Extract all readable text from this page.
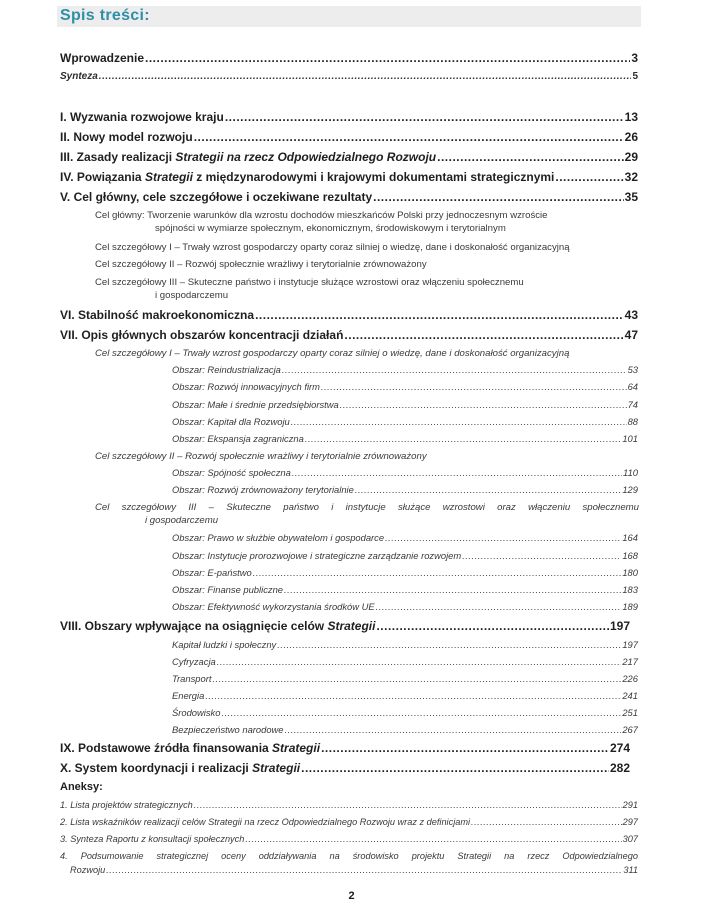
Spis treści:
Wprowadzenie .....	3
Synteza .....	5
I. Wyzwania rozwojowe kraju .....	13
II. Nowy model rozwoju .....	26
III. Zasady realizacji Strategii na rzecz Odpowiedzialnego Rozwoju .....	29
IV. Powiązania Strategii z międzynarodowymi i krajowymi dokumentami strategicznymi .....	32
V. Cel główny, cele szczegółowe i oczekiwane rezultaty .....	35
Cel główny: Tworzenie warunków dla wzrostu dochodów mieszkańców Polski przy jednoczesnym wzroście
spójności w wymiarze społecznym, ekonomicznym, środowiskowym i terytorialnym
Cel szczegółowy I – Trwały wzrost gospodarczy oparty coraz silniej o wiedzę, dane i doskonałość organizacyjną
Cel szczegółowy II – Rozwój społecznie wrażliwy i terytorialnie zrównoważony
Cel szczegółowy III – Skuteczne państwo i instytucje służące wzrostowi oraz włączeniu społecznemu
i gospodarczemu
VI. Stabilność makroekonomiczna .....	43
VII. Opis głównych obszarów koncentracji działań .....	47
Cel szczegółowy I – Trwały wzrost gospodarczy oparty coraz silniej o wiedzę, dane i doskonałość organizacyjną
Obszar: Reindustrializacja .....	53
Obszar: Rozwój innowacyjnych firm .....	64
Obszar: Małe i średnie przedsiębiorstwa .....	74
Obszar: Kapitał dla Rozwoju .....	88
Obszar: Ekspansja zagraniczna .....	101
Cel szczegółowy II – Rozwój społecznie wrażliwy i terytorialnie zrównoważony
Obszar: Spójność społeczna .....	110
Obszar: Rozwój zrównoważony terytorialnie .....	129
Cel szczegółowy III – Skuteczne państwo i instytucje służące wzrostowi oraz włączeniu społecznemu
i gospodarczemu
Obszar: Prawo w służbie obywatelom i gospodarce .....	164
Obszar: Instytucje prorozwojowe i strategiczne zarządzanie rozwojem .....	168
Obszar: E-państwo .....	180
Obszar: Finanse publiczne .....	183
Obszar: Efektywność wykorzystania środków UE .....	189
VIII. Obszary wpływające na osiągnięcie celów Strategii .....	197
Kapitał ludzki i społeczny .....	197
Cyfryzacja .....	217
Transport .....	226
Energia .....	241
Środowisko .....	251
Bezpieczeństwo narodowe .....	267
IX. Podstawowe źródła finansowania Strategii .....	274
X. System koordynacji i realizacji Strategii .....	282
Aneksy:
1. Lista projektów strategicznych .....	291
2. Lista wskaźników realizacji celów Strategii na rzecz Odpowiedzialnego Rozwoju wraz z definicjami .....	297
3. Synteza Raportu z konsultacji społecznych .....	307
4. Podsumowanie strategicznej oceny oddziaływania na środowisko projektu Strategii na rzecz Odpowiedzialnego
Rozwoju .....	311
2
